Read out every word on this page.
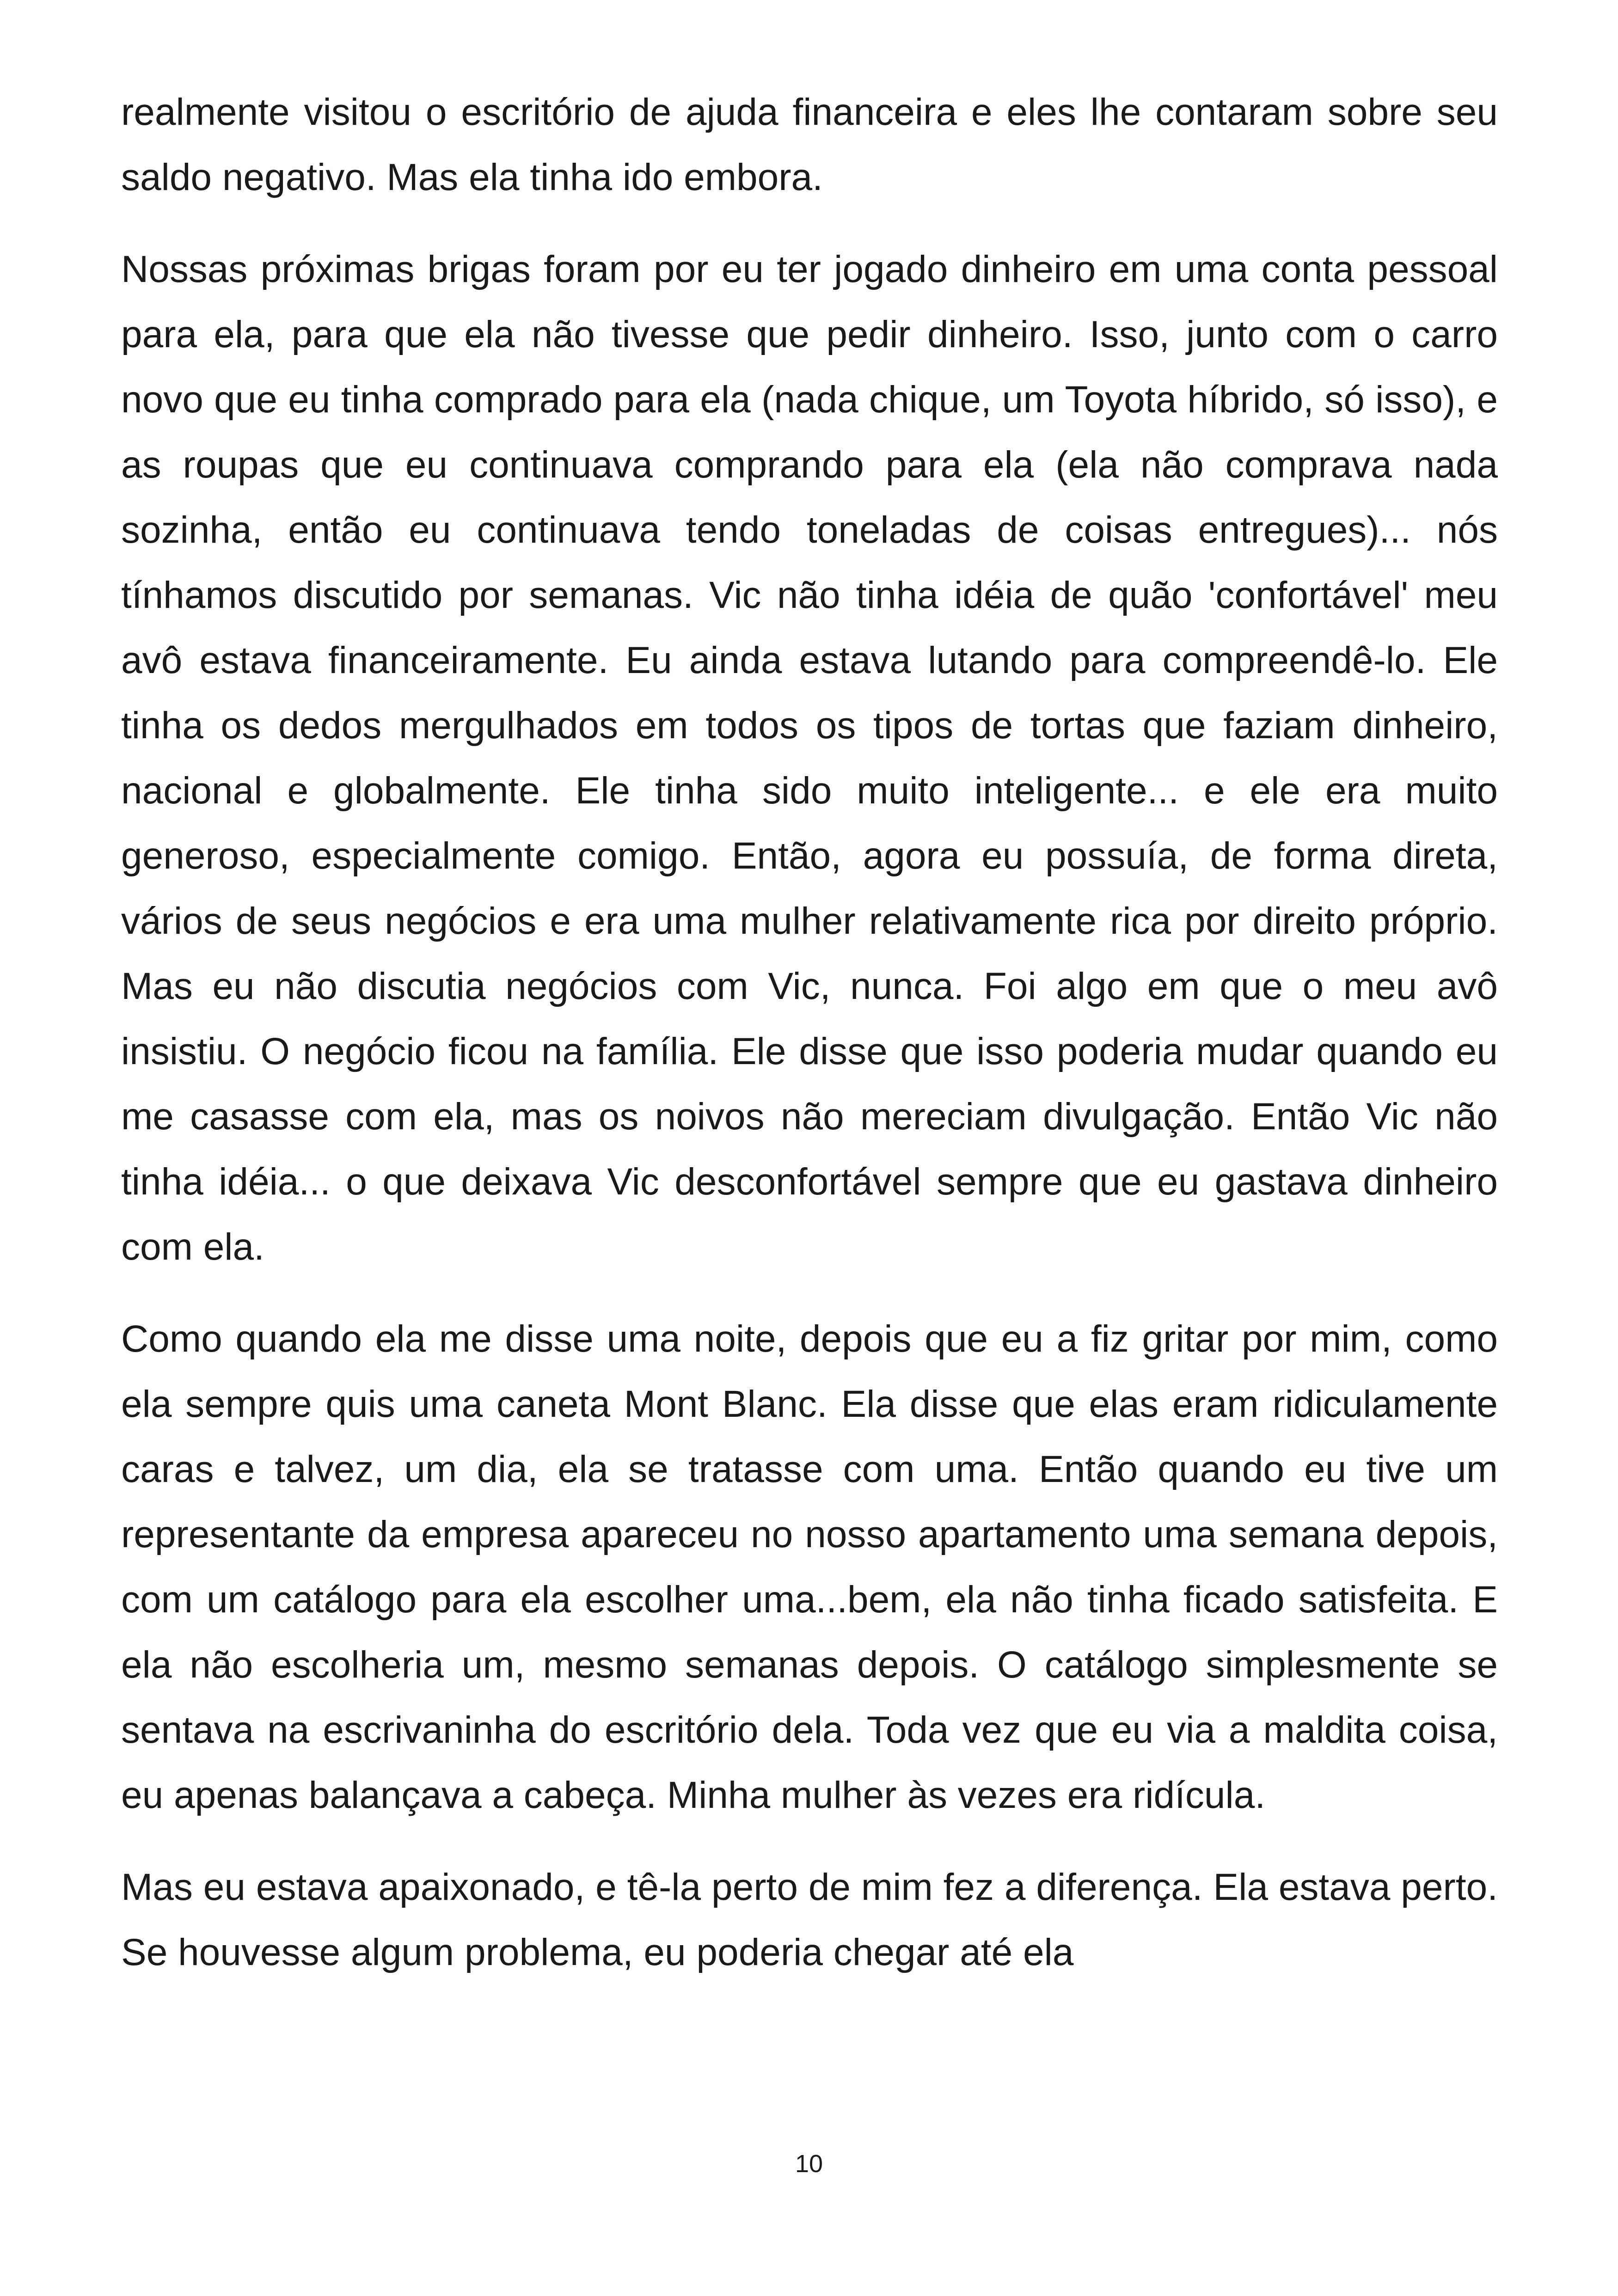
realmente visitou o escritório de ajuda financeira e eles lhe contaram sobre seu saldo negativo. Mas ela tinha ido embora.

Nossas próximas brigas foram por eu ter jogado dinheiro em uma conta pessoal para ela, para que ela não tivesse que pedir dinheiro. Isso, junto com o carro novo que eu tinha comprado para ela (nada chique, um Toyota híbrido, só isso), e as roupas que eu continuava comprando para ela (ela não comprava nada sozinha, então eu continuava tendo toneladas de coisas entregues)... nós tínhamos discutido por semanas. Vic não tinha idéia de quão 'confortável' meu avô estava financeiramente. Eu ainda estava lutando para compreendê-lo. Ele tinha os dedos mergulhados em todos os tipos de tortas que faziam dinheiro, nacional e globalmente. Ele tinha sido muito inteligente... e ele era muito generoso, especialmente comigo. Então, agora eu possuía, de forma direta, vários de seus negócios e era uma mulher relativamente rica por direito próprio. Mas eu não discutia negócios com Vic, nunca. Foi algo em que o meu avô insistiu. O negócio ficou na família. Ele disse que isso poderia mudar quando eu me casasse com ela, mas os noivos não mereciam divulgação. Então Vic não tinha idéia... o que deixava Vic desconfortável sempre que eu gastava dinheiro com ela.

Como quando ela me disse uma noite, depois que eu a fiz gritar por mim, como ela sempre quis uma caneta Mont Blanc. Ela disse que elas eram ridiculamente caras e talvez, um dia, ela se tratasse com uma. Então quando eu tive um representante da empresa apareceu no nosso apartamento uma semana depois, com um catálogo para ela escolher uma...bem, ela não tinha ficado satisfeita. E ela não escolheria um, mesmo semanas depois. O catálogo simplesmente se sentava na escrivaninha do escritório dela. Toda vez que eu via a maldita coisa, eu apenas balançava a cabeça. Minha mulher às vezes era ridícula.

Mas eu estava apaixonado, e tê-la perto de mim fez a diferença. Ela estava perto. Se houvesse algum problema, eu poderia chegar até ela

10
